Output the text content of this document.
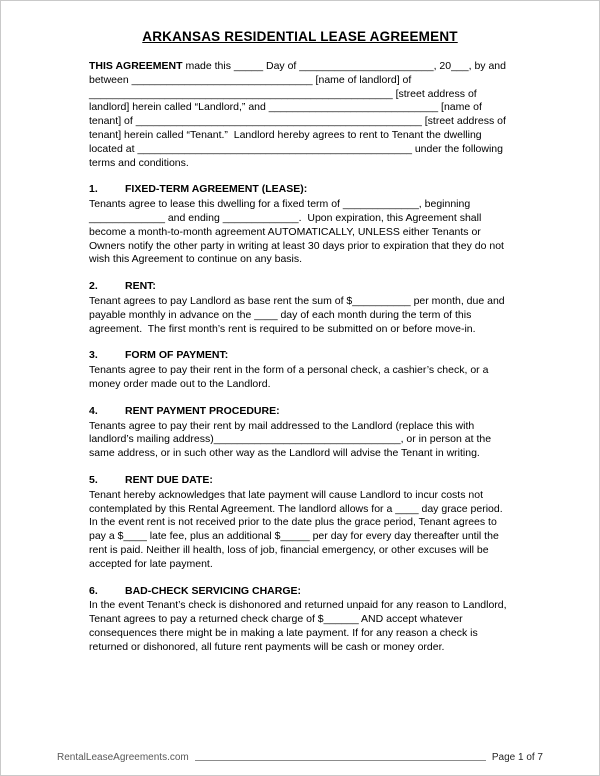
ARKANSAS RESIDENTIAL LEASE AGREEMENT

THIS AGREEMENT made this _____ Day of _______________________, 20___, by and between _______________________________ [name of landlord] of ____________________________________________________ [street address of landlord] herein called “Landlord,” and _____________________________ [name of tenant] of _________________________________________________ [street address of tenant] herein called “Tenant.”  Landlord hereby agrees to rent to Tenant the dwelling located at _______________________________________________ under the following terms and conditions.

1.	FIXED-TERM AGREEMENT (LEASE):

Tenants agree to lease this dwelling for a fixed term of _____________, beginning _____________ and ending _____________.  Upon expiration, this Agreement shall become a month-to-month agreement AUTOMATICALLY, UNLESS either Tenants or Owners notify the other party in writing at least 30 days prior to expiration that they do not wish this Agreement to continue on any basis.

2.	RENT:

Tenant agrees to pay Landlord as base rent the sum of $__________ per month, due and payable monthly in advance on the ____ day of each month during the term of this agreement.  The first month’s rent is required to be submitted on or before move-in.

3.	FORM OF PAYMENT:

Tenants agree to pay their rent in the form of a personal check, a cashier’s check, or a money order made out to the Landlord.

4.	RENT PAYMENT PROCEDURE:

Tenants agree to pay their rent by mail addressed to the Landlord (replace this with landlord’s mailing address)________________________________, or in person at the same address, or in such other way as the Landlord will advise the Tenant in writing.

5.	RENT DUE DATE:

Tenant hereby acknowledges that late payment will cause Landlord to incur costs not contemplated by this Rental Agreement. The landlord allows for a ____ day grace period. In the event rent is not received prior to the date plus the grace period, Tenant agrees to pay a $____ late fee, plus an additional $_____ per day for every day thereafter until the rent is paid. Neither ill health, loss of job, financial emergency, or other excuses will be accepted for late payment.

6.	BAD-CHECK SERVICING CHARGE:

In the event Tenant’s check is dishonored and returned unpaid for any reason to Landlord, Tenant agrees to pay a returned check charge of $______ AND accept whatever consequences there might be in making a late payment. If for any reason a check is returned or dishonored, all future rent payments will be cash or money order.

RentalLeaseAgreements.com	Page 1 of 7
